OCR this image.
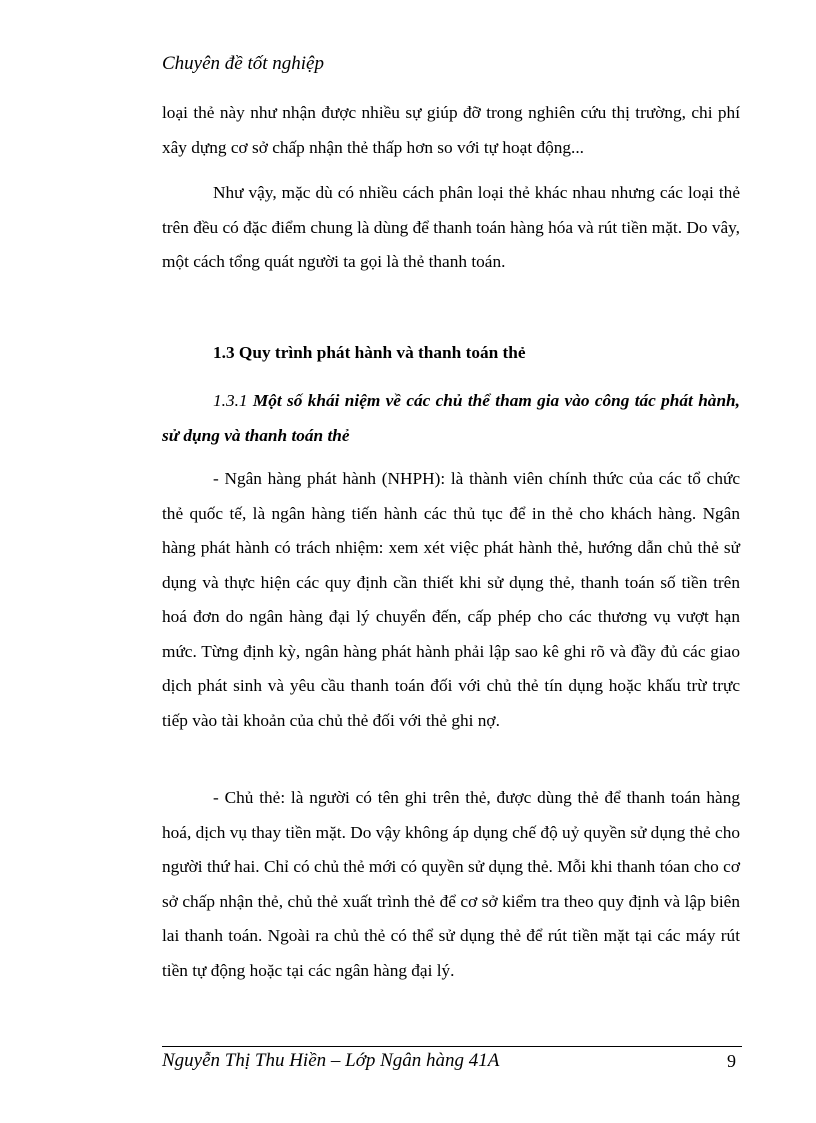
Chuyên đề tốt nghiệp

loại thẻ này như nhận được nhiều sự giúp đỡ trong nghiên cứu thị trường, chi phí xây dựng cơ sở chấp nhận thẻ thấp hơn so với tự hoạt động...

Như vậy, mặc dù có nhiều cách phân loại thẻ khác nhau nhưng các loại thẻ trên đều có đặc điểm chung là dùng để thanh toán hàng hóa và rút tiền mặt. Do vây, một cách tổng quát người ta gọi là thẻ thanh toán.

1.3 Quy trình phát hành và thanh toán thẻ
1.3.1 Một số khái niệm về các chủ thể tham gia vào công tác phát hành, sử dụng và thanh toán thẻ

- Ngân hàng phát hành (NHPH): là thành viên chính thức của các tổ chức thẻ quốc tế, là ngân hàng tiến hành các thủ tục để in thẻ cho khách hàng. Ngân hàng phát hành có trách nhiệm: xem xét việc phát hành thẻ, hướng dẫn chủ thẻ sử dụng và thực hiện các quy định cần thiết khi sử dụng thẻ, thanh toán số tiền trên hoá đơn do ngân hàng đại lý chuyển đến, cấp phép cho các thương vụ vượt hạn mức. Từng định kỳ, ngân hàng phát hành phải lập sao kê ghi rõ và đầy đủ các giao dịch phát sinh và yêu cầu thanh toán đối với chủ thẻ tín dụng hoặc khấu trừ trực tiếp vào tài khoản của chủ thẻ đối với thẻ ghi nợ.

- Chủ thẻ: là người có tên ghi trên thẻ, được dùng thẻ để thanh toán hàng hoá, dịch vụ thay tiền mặt. Do vậy không áp dụng chế độ uỷ quyền sử dụng thẻ cho người thứ hai. Chỉ có chủ thẻ mới có quyền sử dụng thẻ. Mỗi khi thanh tóan cho cơ sở chấp nhận thẻ, chủ thẻ xuất trình thẻ để cơ sở kiểm tra theo quy định và lập biên lai thanh toán. Ngoài ra chủ thẻ có thể sử dụng thẻ để rút tiền mặt tại các máy rút tiền tự động hoặc tại các ngân hàng đại lý.

Nguyễn Thị Thu Hiền – Lớp Ngân hàng 41A	9
